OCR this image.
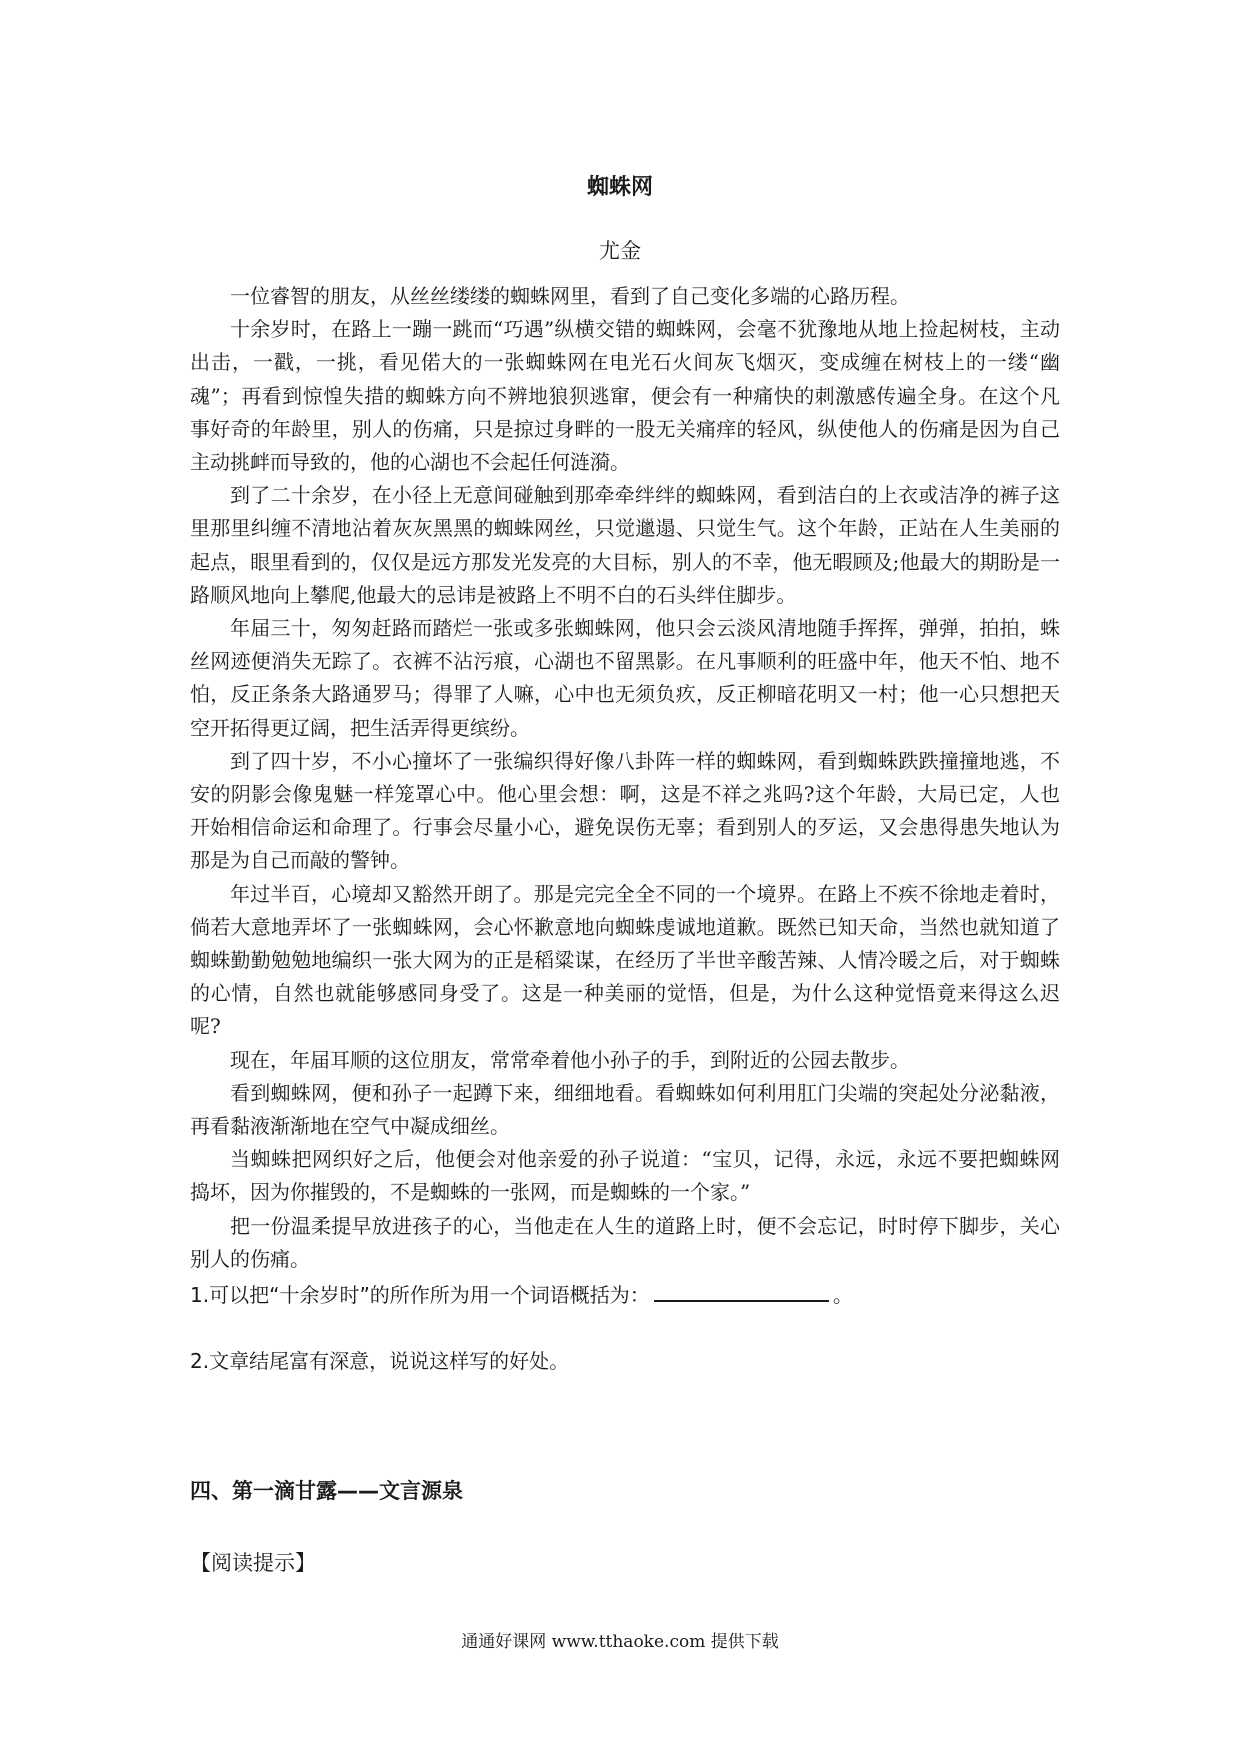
蜘蛛网
尤金

一位睿智的朋友，从丝丝缕缕的蜘蛛网里，看到了自己变化多端的心路历程。

十余岁时，在路上一蹦一跳而“巧遇”纵横交错的蜘蛛网，会毫不犹豫地从地上捡起树枝，主动出击，一戳，一挑，看见偌大的一张蜘蛛网在电光石火间灰飞烟灭，变成缠在树枝上的一缕“幽魂”；再看到惊惶失措的蜘蛛方向不辨地狼狈逃窜，便会有一种痛快的刺激感传遍全身。在这个凡事好奇的年龄里，别人的伤痛，只是掠过身畔的一股无关痛痒的轻风，纵使他人的伤痛是因为自己主动挑衅而导致的，他的心湖也不会起任何涟漪。

到了二十余岁，在小径上无意间碰触到那牵牵绊绊的蜘蛛网，看到洁白的上衣或洁净的裤子这里那里纠缠不清地沾着灰灰黑黑的蜘蛛网丝，只觉邋遢、只觉生气。这个年龄，正站在人生美丽的起点，眼里看到的，仅仅是远方那发光发亮的大目标，别人的不幸，他无暇顾及;他最大的期盼是一路顺风地向上攀爬,他最大的忌讳是被路上不明不白的石头绊住脚步。

年届三十，匆匆赶路而踏烂一张或多张蜘蛛网，他只会云淡风清地随手挥挥，弹弹，拍拍，蛛丝网迹便消失无踪了。衣裤不沾污痕，心湖也不留黑影。在凡事顺利的旺盛中年，他天不怕、地不怕，反正条条大路通罗马；得罪了人嘛，心中也无须负疚，反正柳暗花明又一村；他一心只想把天空开拓得更辽阔，把生活弄得更缤纷。

到了四十岁，不小心撞坏了一张编织得好像八卦阵一样的蜘蛛网，看到蜘蛛跌跌撞撞地逃，不安的阴影会像鬼魅一样笼罩心中。他心里会想：啊，这是不祥之兆吗?这个年龄，大局已定，人也开始相信命运和命理了。行事会尽量小心，避免误伤无辜；看到别人的歹运，又会患得患失地认为那是为自己而敲的警钟。

年过半百，心境却又豁然开朗了。那是完完全全不同的一个境界。在路上不疾不徐地走着时，倘若大意地弄坏了一张蜘蛛网，会心怀歉意地向蜘蛛虔诚地道歉。既然已知天命，当然也就知道了蜘蛛勤勤勉勉地编织一张大网为的正是稻粱谋，在经历了半世辛酸苦辣、人情冷暖之后，对于蜘蛛的心情，自然也就能够感同身受了。这是一种美丽的觉悟，但是，为什么这种觉悟竟来得这么迟呢?

现在，年届耳顺的这位朋友，常常牵着他小孙子的手，到附近的公园去散步。

看到蜘蛛网，便和孙子一起蹲下来，细细地看。看蜘蛛如何利用肛门尖端的突起处分泌黏液，再看黏液渐渐地在空气中凝成细丝。

当蜘蛛把网织好之后，他便会对他亲爱的孙子说道：“宝贝，记得，永远，永远不要把蜘蛛网捣坏，因为你摧毁的，不是蜘蛛的一张网，而是蜘蛛的一个家。”

把一份温柔提早放进孩子的心，当他走在人生的道路上时，便不会忘记，时时停下脚步，关心别人的伤痛。

1.可以把“十余岁时”的所作所为用一个词语概括为：	。
2.文章结尾富有深意，说说这样写的好处。
四、第一滴甘露——文言源泉
【阅读提示】
通通好课网 www.tthaoke.com 提供下载
